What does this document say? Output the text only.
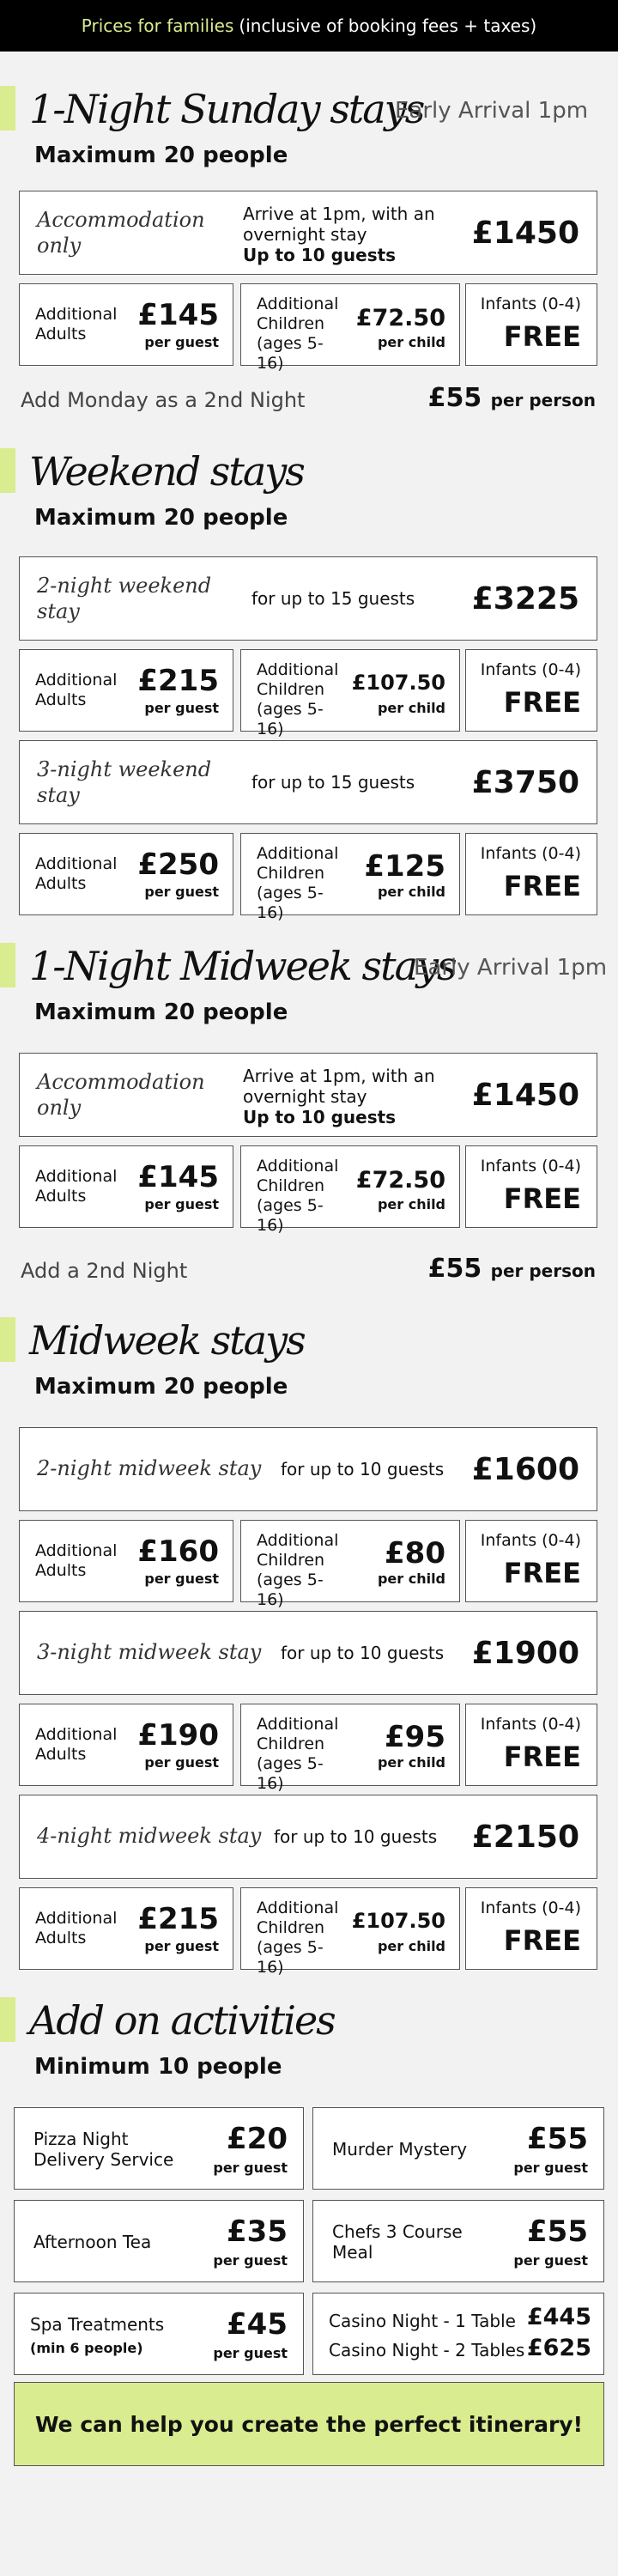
Prices for families (inclusive of booking fees + taxes)
1-Night Sunday stays
Early Arrival 1pm
Maximum 20 people
Accommodation only
Arrive at 1pm, with an overnight stay
Up to 10 guests
£1450
Additional Adults
£145
per guest
Additional Children (ages 5-16)
£72.50
per child
Infants (0-4)
FREE
Add Monday as a 2nd Night	£55 per person
Weekend stays
Maximum 20 people
2-night weekend stay
for up to 15 guests £3225
Additional Adults
£215
per guest
Additional Children (ages 5-16)
£107.50
per child
Infants (0-4)
FREE
3-night weekend stay
for up to 15 guests £3750
Additional Adults
£250
per guest
Additional Children (ages 5-16)
£125
per child
Infants (0-4)
FREE
1-Night Midweek stays
Early Arrival 1pm
Maximum 20 people
Accommodation only
Arrive at 1pm, with an overnight stay
Up to 10 guests
£1450
Additional Adults
£145
per guest
Additional Children (ages 5-16)
£72.50
per child
Infants (0-4)
FREE
Add a 2nd Night	£55 per person
Midweek stays
Maximum 20 people
2-night midweek stay for up to 10 guests £1600
Additional Adults
£160
per guest
Additional Children (ages 5-16)
£80
per child
Infants (0-4)
FREE
3-night midweek stay for up to 10 guests £1900
Additional Adults
£190
per guest
Additional Children (ages 5-16)
£95
per child
Infants (0-4)
FREE
4-night midweek stay for up to 10 guests £2150
Additional Adults
£215
per guest
Additional Children (ages 5-16)
£107.50
per child
Infants (0-4)
FREE
Add on activities
Minimum 10 people
Pizza Night Delivery Service
£20
per guest
Murder Mystery £55
per guest
Afternoon Tea	£35
per guest
Chefs 3 Course Meal
£55
per guest
Spa Treatments
(min 6 people)
£45
per guest
Casino Night - 1 Table
Casino Night - 2 Tables
£445
£625
We can help you create the perfect itinerary!
